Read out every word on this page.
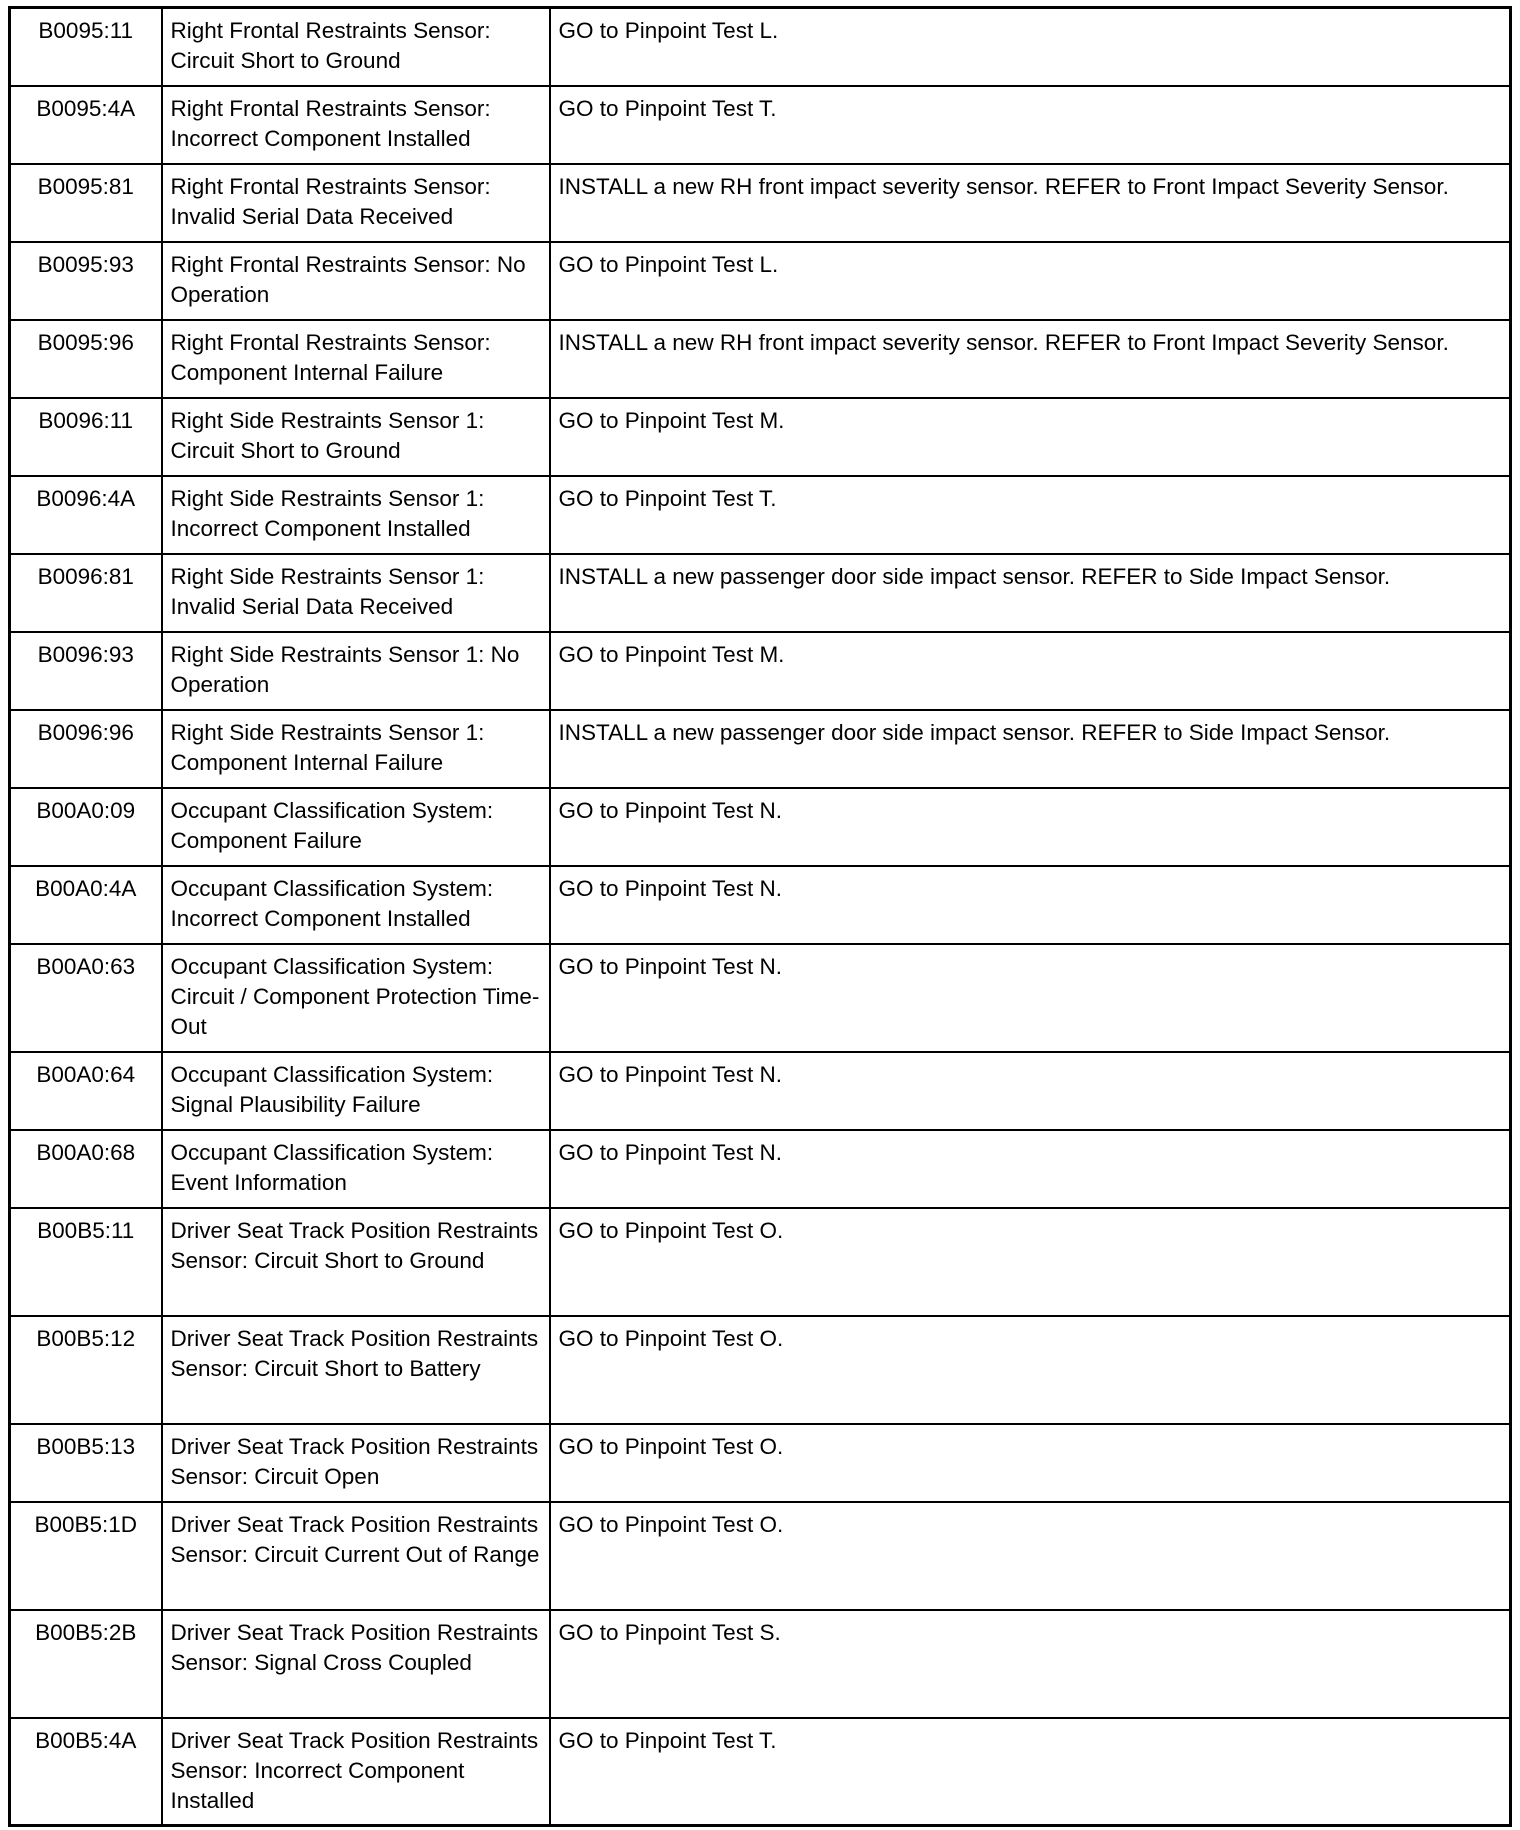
B0095:11	Right Frontal Restraints Sensor: Circuit Short to Ground	GO to Pinpoint Test L.
B0095:4A	Right Frontal Restraints Sensor: Incorrect Component Installed	GO to Pinpoint Test T.
B0095:81	Right Frontal Restraints Sensor: Invalid Serial Data Received	INSTALL a new RH front impact severity sensor. REFER to Front Impact Severity Sensor.
B0095:93	Right Frontal Restraints Sensor: No Operation	GO to Pinpoint Test L.
B0095:96	Right Frontal Restraints Sensor: Component Internal Failure	INSTALL a new RH front impact severity sensor. REFER to Front Impact Severity Sensor.
B0096:11	Right Side Restraints Sensor 1: Circuit Short to Ground	GO to Pinpoint Test M.
B0096:4A	Right Side Restraints Sensor 1: Incorrect Component Installed	GO to Pinpoint Test T.
B0096:81	Right Side Restraints Sensor 1: Invalid Serial Data Received	INSTALL a new passenger door side impact sensor. REFER to Side Impact Sensor.
B0096:93	Right Side Restraints Sensor 1: No Operation	GO to Pinpoint Test M.
B0096:96	Right Side Restraints Sensor 1: Component Internal Failure	INSTALL a new passenger door side impact sensor. REFER to Side Impact Sensor.
B00A0:09	Occupant Classification System: Component Failure	GO to Pinpoint Test N.
B00A0:4A	Occupant Classification System: Incorrect Component Installed	GO to Pinpoint Test N.
B00A0:63	Occupant Classification System: Circuit / Component Protection Time-Out	GO to Pinpoint Test N.
B00A0:64	Occupant Classification System: Signal Plausibility Failure	GO to Pinpoint Test N.
B00A0:68	Occupant Classification System: Event Information	GO to Pinpoint Test N.
B00B5:11	Driver Seat Track Position Restraints Sensor: Circuit Short to Ground	GO to Pinpoint Test O.
B00B5:12	Driver Seat Track Position Restraints Sensor: Circuit Short to Battery	GO to Pinpoint Test O.
B00B5:13	Driver Seat Track Position Restraints Sensor: Circuit Open	GO to Pinpoint Test O.
B00B5:1D	Driver Seat Track Position Restraints Sensor: Circuit Current Out of Range	GO to Pinpoint Test O.
B00B5:2B	Driver Seat Track Position Restraints Sensor: Signal Cross Coupled	GO to Pinpoint Test S.
B00B5:4A	Driver Seat Track Position Restraints Sensor: Incorrect Component Installed	GO to Pinpoint Test T.
